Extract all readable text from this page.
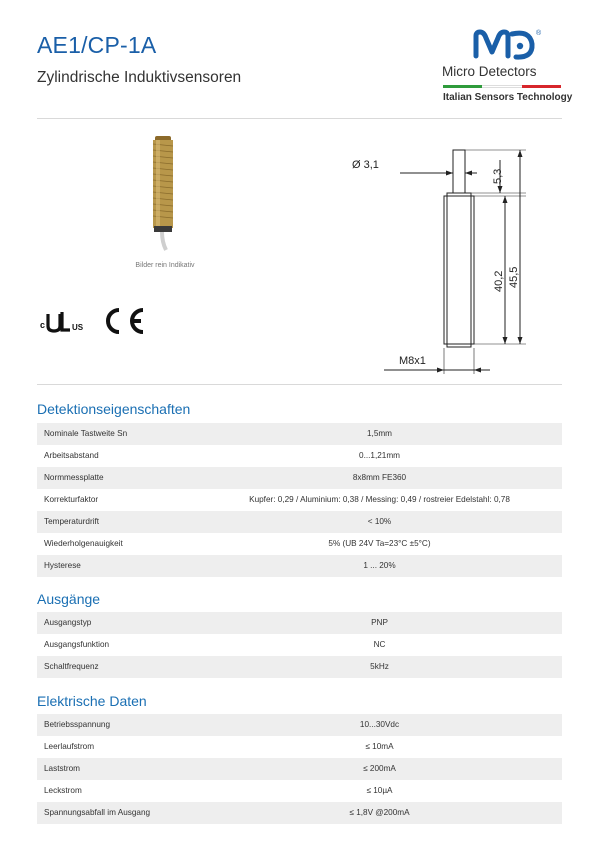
AE1/CP-1A
Zylindrische Induktivsensoren
®
Micro Detectors
Italian Sensors Technology
Bilder rein Indikativ
c	US
Ø 3,1
5,3
40,2 45,5
M8x1
Detektionseigenschaften
Nominale Tastweite Sn	1,5mm
Arbeitsabstand	0...1,21mm
Normmessplatte	8x8mm FE360
Korrekturfaktor	Kupfer: 0,29 / Aluminium: 0,38 / Messing: 0,49 / rostreier Edelstahl: 0,78
Temperaturdrift	< 10%
Wiederholgenauigkeit	5% (UB 24V Ta=23°C ±5°C)
Hysterese	1 ... 20%
Ausgänge
Ausgangstyp	PNP
Ausgangsfunktion	NC
Schaltfrequenz	5kHz
Elektrische Daten
Betriebsspannung	10...30Vdc
Leerlaufstrom	≤ 10mA
Laststrom	≤ 200mA
Leckstrom	≤ 10µA
Spannungsabfall im Ausgang	≤ 1,8V @200mA
